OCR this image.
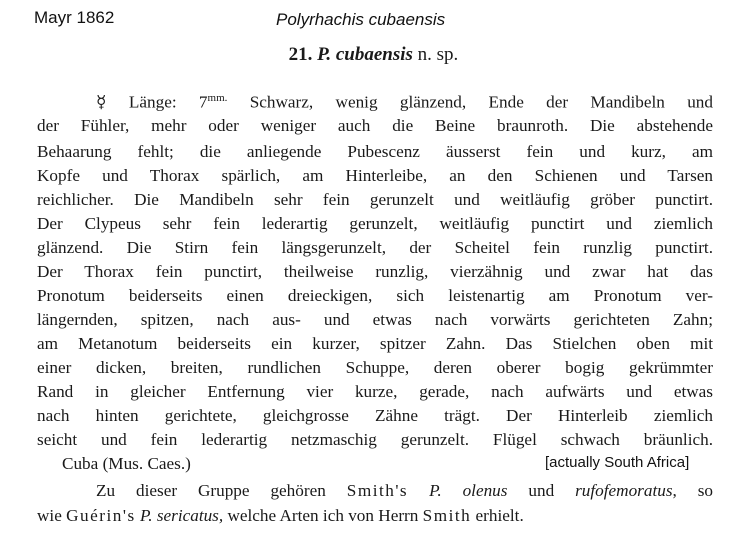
Mayr 1862	Polyrhachis cubaensis
21. P. cubaensis n. sp.
☿ Länge: $7^{mm.}$ Schwarz, wenig glänzend, Ende der Mandibeln und
der Fühler, mehr oder weniger auch die Beine braunroth. Die abstehende
Behaarung fehlt; die anliegende Pubescenz äusserst fein und kurz, am
Kopfe und Thorax spärlich, am Hinterleibe, an den Schienen und Tarsen
reichlicher. Die Mandibeln sehr fein gerunzelt und weitläufig gröber punctirt.
Der Clypeus sehr fein lederartig gerunzelt, weitläufig punctirt und ziemlich
glänzend. Die Stirn fein längsgerunzelt, der Scheitel fein runzlig punctirt.
Der Thorax fein punctirt, theilweise runzlig, vierzähnig und zwar hat das
Pronotum beiderseits einen dreieckigen, sich leistenartig am Pronotum ver-
längernden, spitzen, nach aus- und etwas nach vorwärts gerichteten Zahn;
am Metanotum beiderseits ein kurzer, spitzer Zahn. Das Stielchen oben mit
einer dicken, breiten, rundlichen Schuppe, deren oberer bogig gekrümmter
Rand in gleicher Entfernung vier kurze, gerade, nach aufwärts und etwas
nach hinten gerichtete, gleichgrosse Zähne trägt. Der Hinterleib ziemlich
seicht und fein lederartig netzmaschig gerunzelt. Flügel schwach bräunlich.
Cuba (Mus. Caes.)	[actually South Africa]
Zu dieser Gruppe gehören Smith's P. olenus und rufofemoratus, so
wie Guérin's P. sericatus, welche Arten ich von Herrn Smith erhielt.
